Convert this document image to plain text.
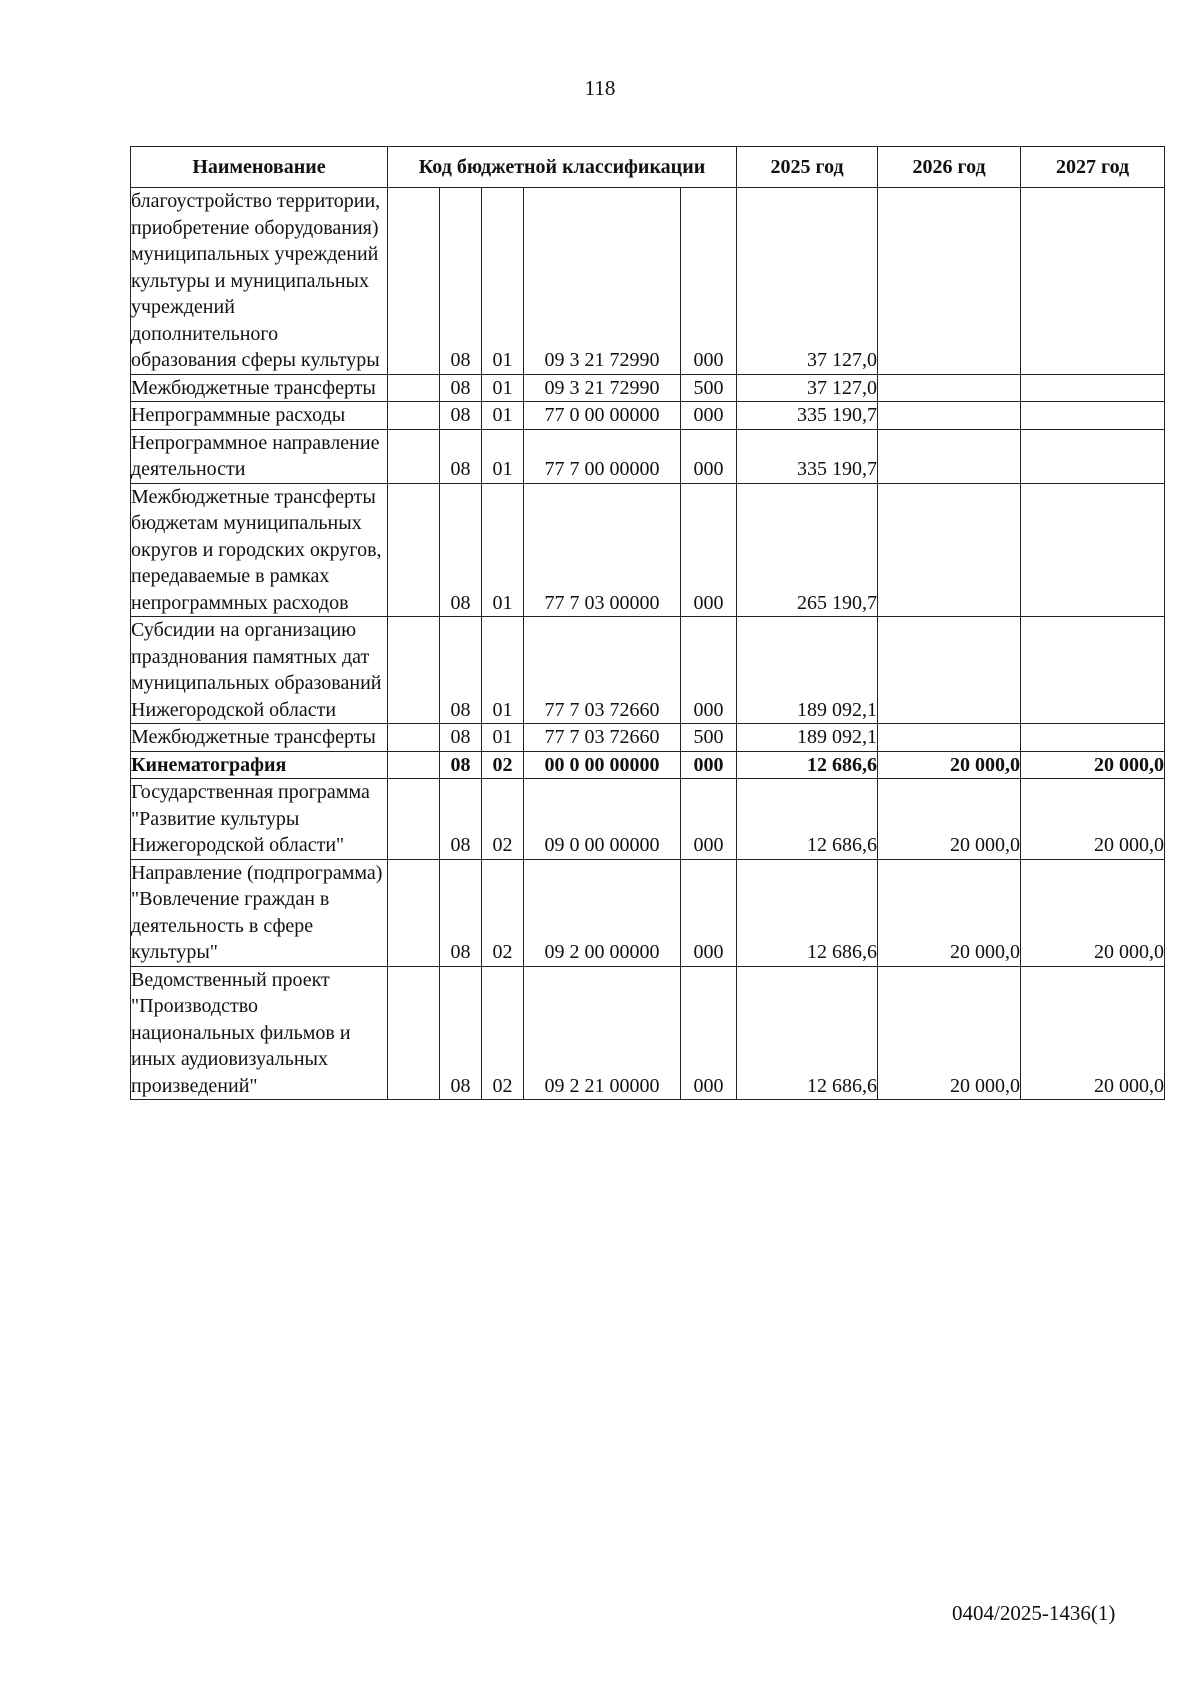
118
Наименование	Код бюджетной классификации					2025 год	2026 год	2027 год
благоустройство территории, приобретение оборудования) муниципальных учреждений культуры и муниципальных учреждений дополнительного образования сферы культуры		08	01	09 3 21 72990	000	37 127,0		
Межбюджетные трансферты		08	01	09 3 21 72990	500	37 127,0		
Непрограммные расходы		08	01	77 0 00 00000	000	335 190,7		
Непрограммное направление деятельности		08	01	77 7 00 00000	000	335 190,7		
Межбюджетные трансферты бюджетам муниципальных округов и городских округов, передаваемые в рамках непрограммных расходов		08	01	77 7 03 00000	000	265 190,7		
Субсидии на организацию празднования памятных дат муниципальных образований Нижегородской области		08	01	77 7 03 72660	000	189 092,1		
Межбюджетные трансферты		08	01	77 7 03 72660	500	189 092,1		
Кинематография		08	02	00 0 00 00000	000	12 686,6	20 000,0	20 000,0
Государственная программа "Развитие культуры Нижегородской области"		08	02	09 0 00 00000	000	12 686,6	20 000,0	20 000,0
Направление (подпрограмма) "Вовлечение граждан в деятельность в сфере культуры"		08	02	09 2 00 00000	000	12 686,6	20 000,0	20 000,0
Ведомственный проект "Производство национальных фильмов и иных аудиовизуальных произведений"		08	02	09 2 21 00000	000	12 686,6	20 000,0	20 000,0
0404/2025-1436(1)
